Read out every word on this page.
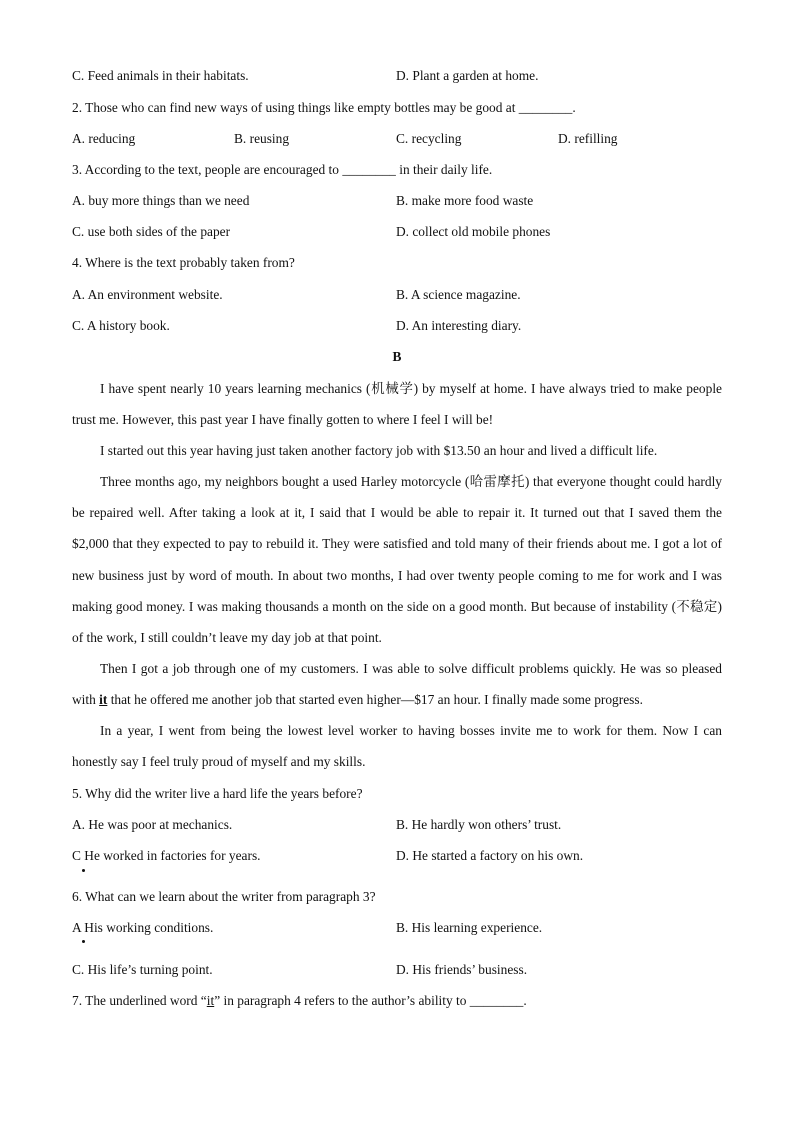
C. Feed animals in their habitats.	D. Plant a garden at home.
2. Those who can find new ways of using things like empty bottles may be good at ________.
A. reducing	B. reusing	C. recycling	D. refilling
3. According to the text, people are encouraged to ________ in their daily life.
A. buy more things than we need	B. make more food waste
C. use both sides of the paper	D. collect old mobile phones
4. Where is the text probably taken from?
A. An environment website.	B. A science magazine.
C. A history book.	D. An interesting diary.
B
I have spent nearly 10 years learning mechanics (机械学) by myself at home. I have always tried to make people trust me. However, this past year I have finally gotten to where I feel I will be!
I started out this year having just taken another factory job with $13.50 an hour and lived a difficult life.
Three months ago, my neighbors bought a used Harley motorcycle (哈雷摩托) that everyone thought could hardly be repaired well. After taking a look at it, I said that I would be able to repair it. It turned out that I saved them the $2,000 that they expected to pay to rebuild it. They were satisfied and told many of their friends about me. I got a lot of new business just by word of mouth. In about two months, I had over twenty people coming to me for work and I was making good money. I was making thousands a month on the side on a good month. But because of instability (不稳定) of the work, I still couldn’t leave my day job at that point.
Then I got a job through one of my customers. I was able to solve difficult problems quickly. He was so pleased with it that he offered me another job that started even higher—$17 an hour. I finally made some progress.
In a year, I went from being the lowest level worker to having bosses invite me to work for them. Now I can honestly say I feel truly proud of myself and my skills.
5. Why did the writer live a hard life the years before?
A. He was poor at mechanics.	B. He hardly won others’ trust.
C He worked in factories for years.	D. He started a factory on his own.
6. What can we learn about the writer from paragraph 3?
A His working conditions.	B. His learning experience.
C. His life’s turning point.	D. His friends’ business.
7. The underlined word “it” in paragraph 4 refers to the author’s ability to ________.
